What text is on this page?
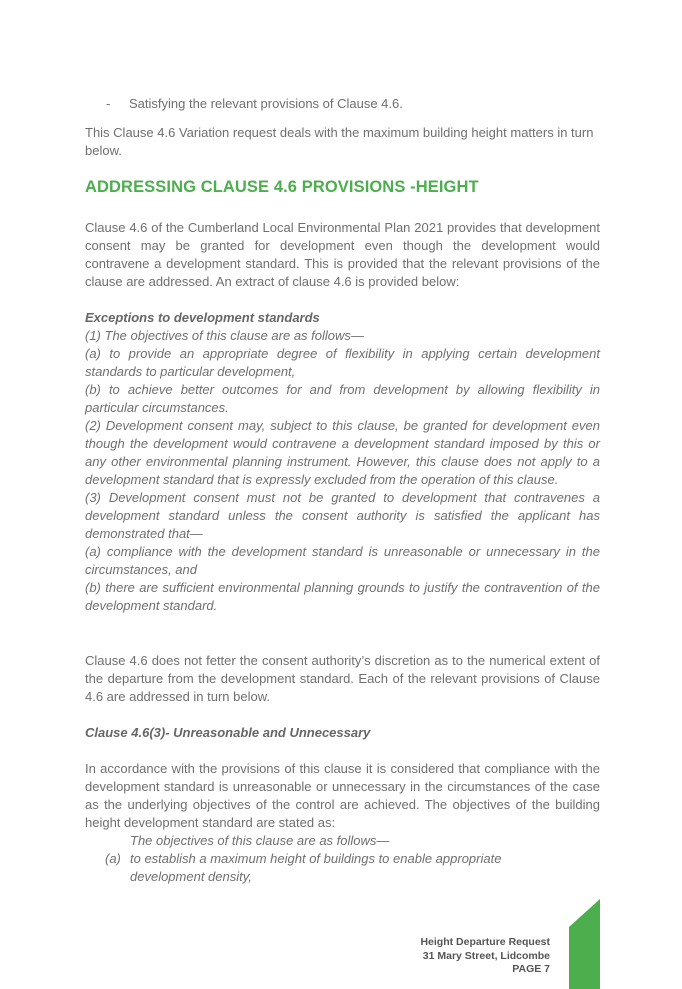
- Satisfying the relevant provisions of Clause 4.6.
This Clause 4.6 Variation request deals with the maximum building height matters in turn below.
ADDRESSING CLAUSE 4.6 PROVISIONS -HEIGHT
Clause 4.6 of the Cumberland Local Environmental Plan 2021 provides that development consent may be granted for development even though the development would contravene a development standard. This is provided that the relevant provisions of the clause are addressed. An extract of clause 4.6 is provided below:
Exceptions to development standards
(1) The objectives of this clause are as follows—
(a) to provide an appropriate degree of flexibility in applying certain development standards to particular development,
(b) to achieve better outcomes for and from development by allowing flexibility in particular circumstances.
(2) Development consent may, subject to this clause, be granted for development even though the development would contravene a development standard imposed by this or any other environmental planning instrument. However, this clause does not apply to a development standard that is expressly excluded from the operation of this clause.
(3) Development consent must not be granted to development that contravenes a development standard unless the consent authority is satisfied the applicant has demonstrated that—
(a) compliance with the development standard is unreasonable or unnecessary in the circumstances, and
(b) there are sufficient environmental planning grounds to justify the contravention of the development standard.
Clause 4.6 does not fetter the consent authority’s discretion as to the numerical extent of the departure from the development standard. Each of the relevant provisions of Clause 4.6 are addressed in turn below.
Clause 4.6(3)- Unreasonable and Unnecessary
In accordance with the provisions of this clause it is considered that compliance with the development standard is unreasonable or unnecessary in the circumstances of the case as the underlying objectives of the control are achieved. The objectives of the building height development standard are stated as:
The objectives of this clause are as follows—
(a) to establish a maximum height of buildings to enable appropriate development density,
Height Departure Request
31 Mary Street, Lidcombe
PAGE 7
